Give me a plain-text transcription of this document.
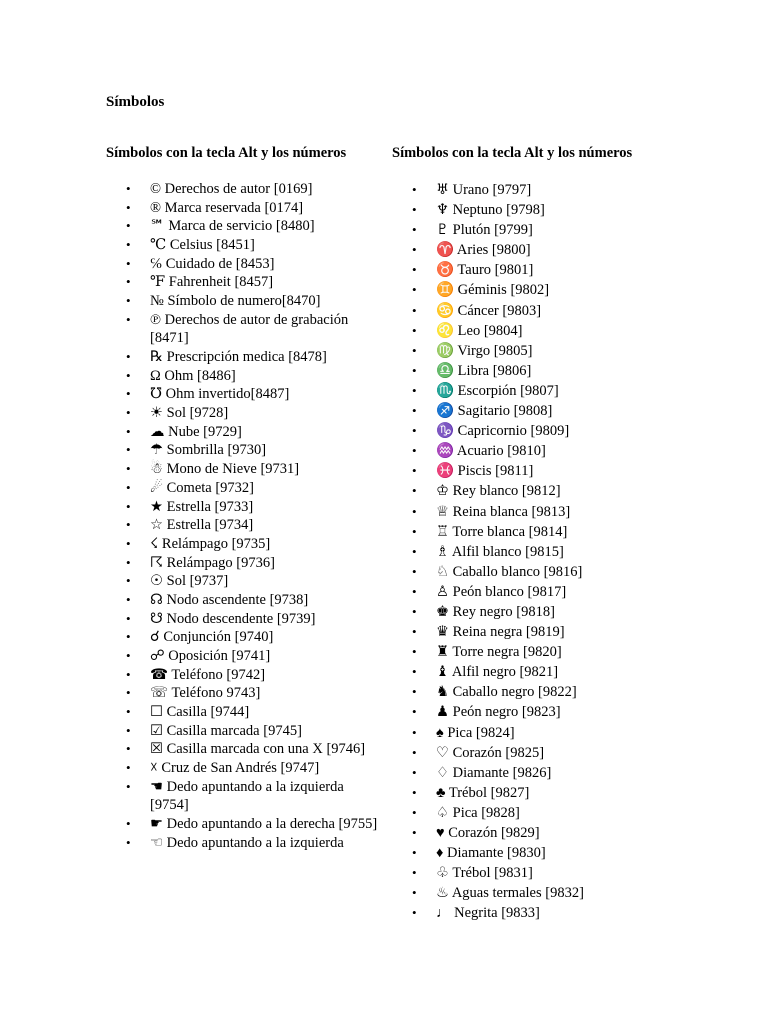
Símbolos
Símbolos con la tecla Alt y los números
• © Derechos de autor [0169]
• ® Marca reservada [0174]
• ℠ Marca de servicio [8480]
• ℃ Celsius [8451]
• ℅ Cuidado de [8453]
• ℉ Fahrenheit [8457]
• № Símbolo de numero[8470]
• ℗ Derechos de autor de grabación [8471]
• ℞ Prescripción medica [8478]
• Ω Ohm [8486]
• ℧ Ohm invertido[8487]
• ☀ Sol [9728]
• ☁ Nube [9729]
• ☂ Sombrilla [9730]
• ☃ Mono de Nieve [9731]
• ☄ Cometa [9732]
• ★ Estrella [9733]
• ☆ Estrella [9734]
• ☇ Relámpago [9735]
• ☈ Relámpago [9736]
• ☉ Sol [9737]
• ☊ Nodo ascendente [9738]
• ☋ Nodo descendente [9739]
• ☌ Conjunción [9740]
• ☍ Oposición [9741]
• ☎ Teléfono [9742]
• ☏ Teléfono 9743]
• ☐ Casilla [9744]
• ☑ Casilla marcada [9745]
• ☒ Casilla marcada con una X [9746]
• ☓ Cruz de San Andrés [9747]
• ☚ Dedo apuntando a la izquierda [9754]
• ☛ Dedo apuntando a la derecha [9755]
• ☜ Dedo apuntando a la izquierda
Símbolos con la tecla Alt y los números
• ♅ Urano [9797]
• ♆ Neptuno [9798]
• ♇ Plutón [9799]
• ♈ Aries [9800]
• ♉ Tauro [9801]
• ♊ Géminis [9802]
• ♋ Cáncer [9803]
• ♌ Leo [9804]
• ♍ Virgo [9805]
• ♎ Libra [9806]
• ♏ Escorpión [9807]
• ♐ Sagitario [9808]
• ♑ Capricornio [9809]
• ♒ Acuario [9810]
• ♓ Piscis [9811]
• ♔ Rey blanco [9812]
• ♕ Reina blanca [9813]
• ♖ Torre blanca [9814]
• ♗ Alfil blanco [9815]
• ♘ Caballo blanco [9816]
• ♙ Peón blanco [9817]
• ♚ Rey negro [9818]
• ♛ Reina negra [9819]
• ♜ Torre negra [9820]
• ♝ Alfil negro [9821]
• ♞ Caballo negro [9822]
• ♟ Peón negro [9823]
• ♠ Pica [9824]
• ♡ Corazón [9825]
• ♢ Diamante [9826]
• ♣ Trébol [9827]
• ♤ Pica [9828]
• ♥ Corazón [9829]
• ♦ Diamante [9830]
• ♧ Trébol [9831]
• ♨ Aguas termales [9832]
• ♩ Negrita [9833]
